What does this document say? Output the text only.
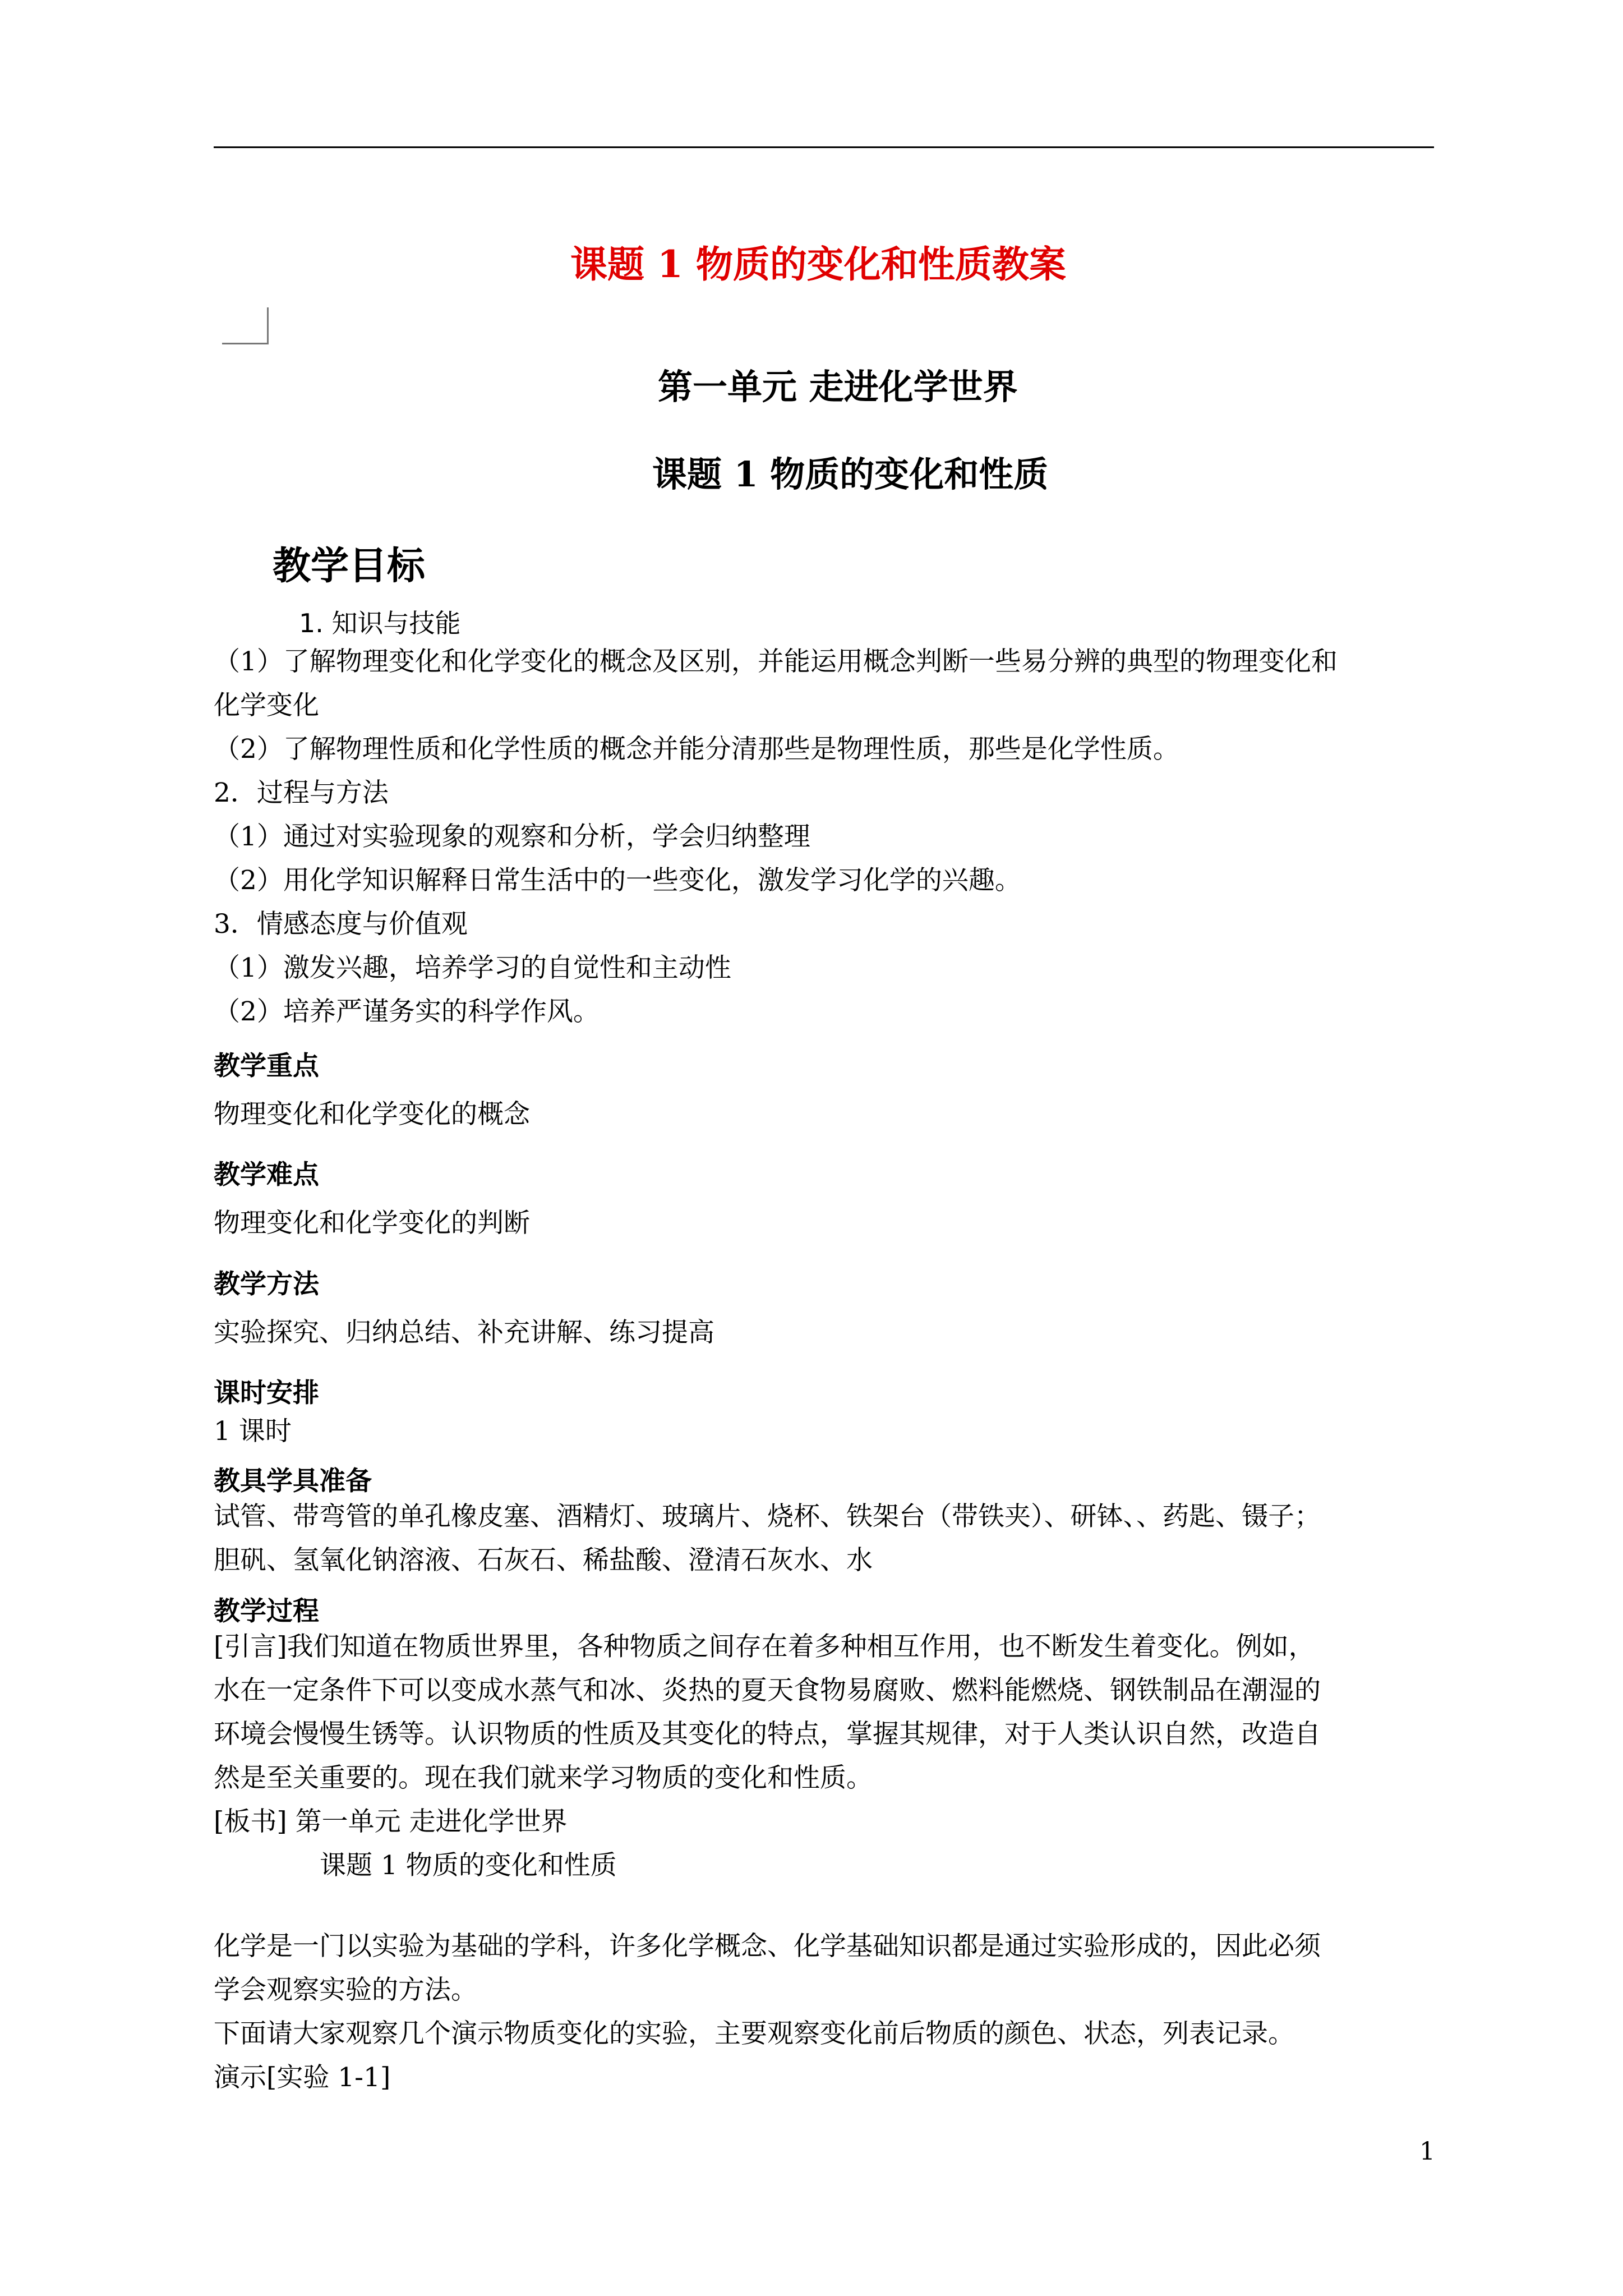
课题 1 物质的变化和性质教案
第一单元 走进化学世界
课题 1 物质的变化和性质
教学目标
1. 知识与技能
（1）了解物理变化和化学变化的概念及区别，并能运用概念判断一些易分辨的典型的物理变化和
化学变化
（2）了解物理性质和化学性质的概念并能分清那些是物理性质，那些是化学性质。
2．过程与方法
（1）通过对实验现象的观察和分析，学会归纳整理
（2）用化学知识解释日常生活中的一些变化，激发学习化学的兴趣。
3．情感态度与价值观
（1）激发兴趣，培养学习的自觉性和主动性
（2）培养严谨务实的科学作风。
教学重点
物理变化和化学变化的概念
教学难点
物理变化和化学变化的判断
教学方法
实验探究、归纳总结、补充讲解、练习提高
课时安排
1 课时
教具学具准备
试管、带弯管的单孔橡皮塞、酒精灯、玻璃片、烧杯、铁架台（带铁夹）、研钵、、药匙、镊子；
胆矾、氢氧化钠溶液、石灰石、稀盐酸、澄清石灰水、水
教学过程
[引言]我们知道在物质世界里，各种物质之间存在着多种相互作用，也不断发生着变化。例如，
水在一定条件下可以变成水蒸气和冰、炎热的夏天食物易腐败、燃料能燃烧、钢铁制品在潮湿的
环境会慢慢生锈等。认识物质的性质及其变化的特点，掌握其规律，对于人类认识自然，改造自
然是至关重要的。现在我们就来学习物质的变化和性质。
[板书] 第一单元 走进化学世界
课题 1 物质的变化和性质
化学是一门以实验为基础的学科，许多化学概念、化学基础知识都是通过实验形成的，因此必须
学会观察实验的方法。
下面请大家观察几个演示物质变化的实验，主要观察变化前后物质的颜色、状态，列表记录。
演示[实验 1-1]
1
